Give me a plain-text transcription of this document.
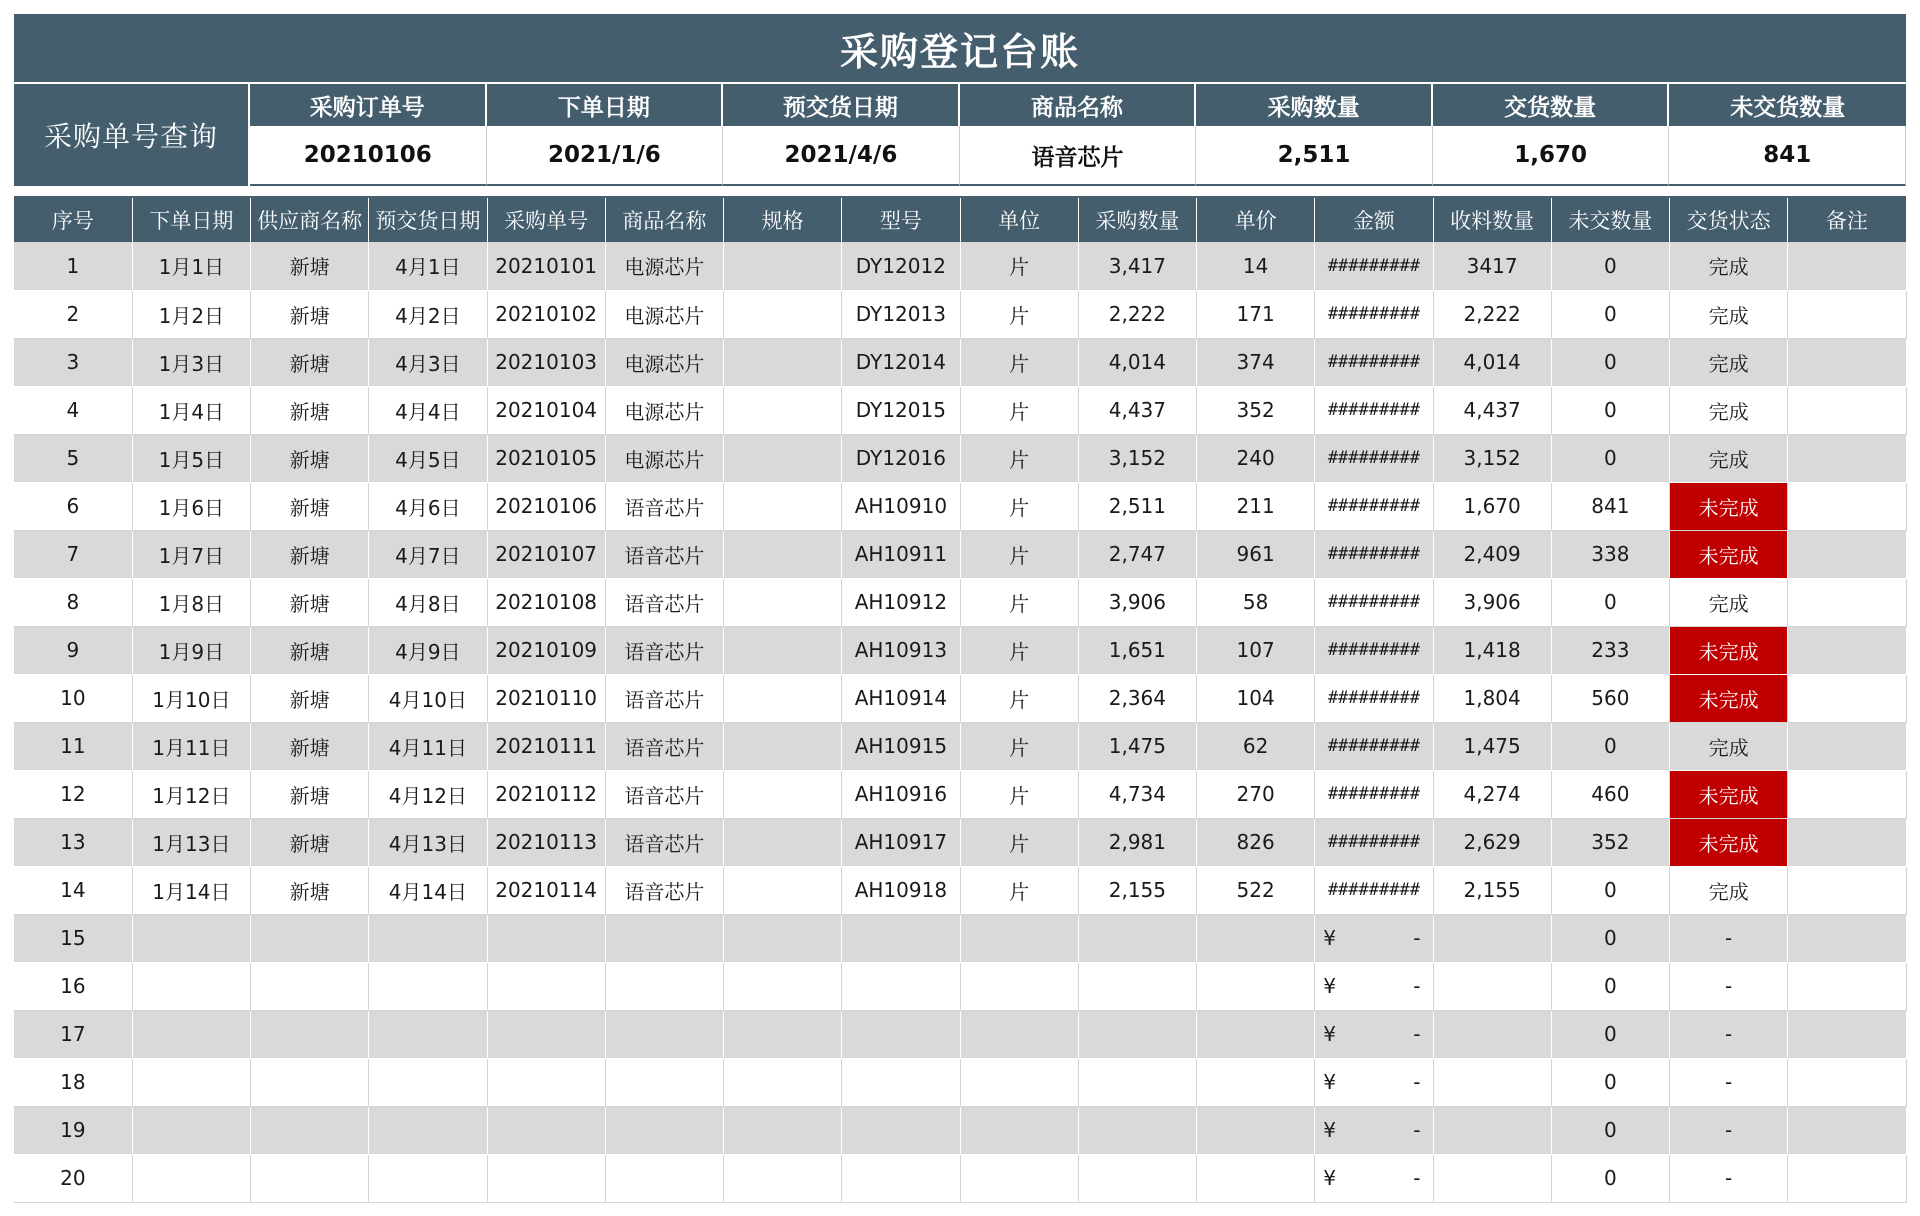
采购登记台账
采购单号查询
采购订单号	下单日期	预交货日期	商品名称	采购数量	交货数量	未交货数量
20210106	2021/1/6	2021/4/6	语音芯片	2,511	1,670	841
序号	下单日期	供应商名称	预交货日期	采购单号	商品名称	规格	型号	单位	采购数量	单价	金额	收料数量	未交数量	交货状态	备注
1	1月1日	新塘	4月1日	20210101	电源芯片		DY12012	片	3,417	14	#########	3417	0	完成	
2	1月2日	新塘	4月2日	20210102	电源芯片		DY12013	片	2,222	171	#########	2,222	0	完成	
3	1月3日	新塘	4月3日	20210103	电源芯片		DY12014	片	4,014	374	#########	4,014	0	完成	
4	1月4日	新塘	4月4日	20210104	电源芯片		DY12015	片	4,437	352	#########	4,437	0	完成	
5	1月5日	新塘	4月5日	20210105	电源芯片		DY12016	片	3,152	240	#########	3,152	0	完成	
6	1月6日	新塘	4月6日	20210106	语音芯片		AH10910	片	2,511	211	#########	1,670	841	未完成	
7	1月7日	新塘	4月7日	20210107	语音芯片		AH10911	片	2,747	961	#########	2,409	338	未完成	
8	1月8日	新塘	4月8日	20210108	语音芯片		AH10912	片	3,906	58	#########	3,906	0	完成	
9	1月9日	新塘	4月9日	20210109	语音芯片		AH10913	片	1,651	107	#########	1,418	233	未完成	
10	1月10日	新塘	4月10日	20210110	语音芯片		AH10914	片	2,364	104	#########	1,804	560	未完成	
11	1月11日	新塘	4月11日	20210111	语音芯片		AH10915	片	1,475	62	#########	1,475	0	完成	
12	1月12日	新塘	4月12日	20210112	语音芯片		AH10916	片	4,734	270	#########	4,274	460	未完成	
13	1月13日	新塘	4月13日	20210113	语音芯片		AH10917	片	2,981	826	#########	2,629	352	未完成	
14	1月14日	新塘	4月14日	20210114	语音芯片		AH10918	片	2,155	522	#########	2,155	0	完成	
15											¥ -		0	-	
16											¥ -		0	-	
17											¥ -		0	-	
18											¥ -		0	-	
19											¥ -		0	-	
20											¥ -		0	-	
